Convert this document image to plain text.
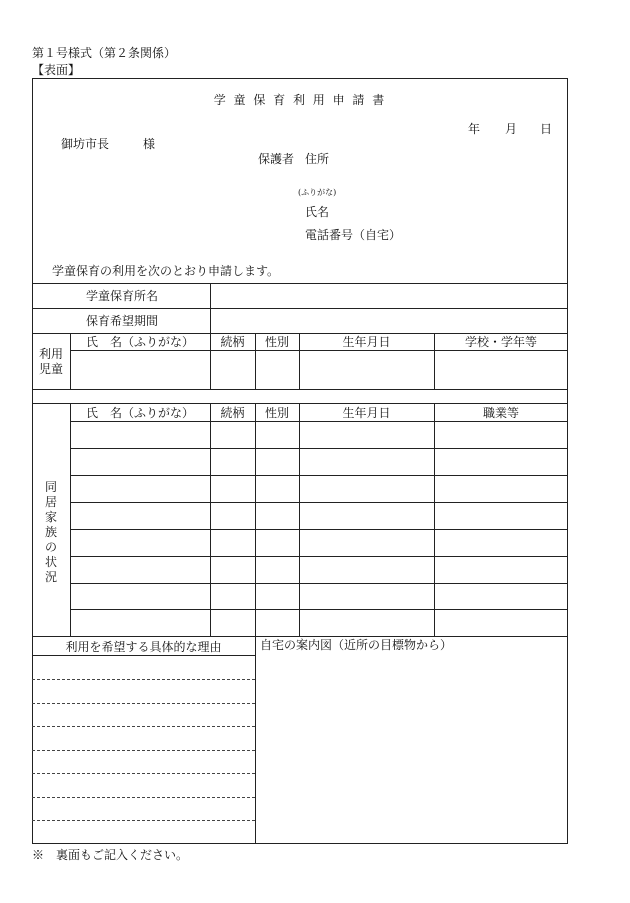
第１号様式（第２条関係）
【表面】
学 童 保 育 利 用 申 請 書
年 月 日
御坊市長	様
保護者 住所
(ふりがな)
氏名
電話番号（自宅）
学童保育の利用を次のとおり申請します。
学童保育所名
保育希望期間
利用
児童
氏　名（ふりがな）	続柄	性別	生年月日	学校・学年等
同
居
家
族
の
状
況
氏　名（ふりがな）	続柄	性別	生年月日	職業等
利用を希望する具体的な理由	自宅の案内図（近所の目標物から）
※　裏面もご記入ください。
